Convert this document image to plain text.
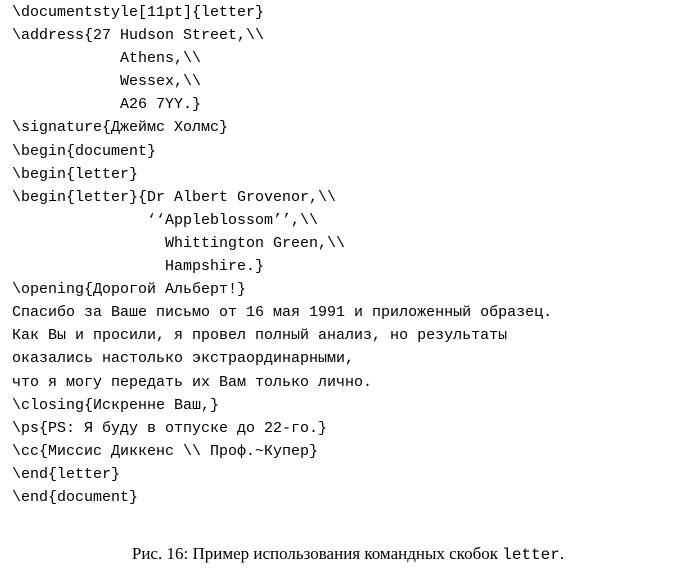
\documentstyle[11pt]{letter}
\address{27 Hudson Street,\\
Athens,\\
Wessex,\\
A26 7YY.}
\signature{Джеймс Холмс}
\begin{document}
\begin{letter}
\begin{letter}{Dr Albert Grovenor,\\
‘‘Appleblossom’’,\\
Whittington Green,\\
Hampshire.}
\opening{Дорогой Альберт!}
Спасибо за Ваше письмо от 16 мая 1991 и приложенный образец.
Как Вы и просили, я провел полный анализ, но результаты
оказались настолько экстраординарными,
что я могу передать их Вам только лично.
\closing{Искренне Ваш,}
\ps{PS: Я буду в отпуске до 22-го.}
\cc{Миссис Диккенс \\ Проф.~Купер}
\end{letter}
\end{document}
Рис. 16: Пример использования командных скобок letter.
